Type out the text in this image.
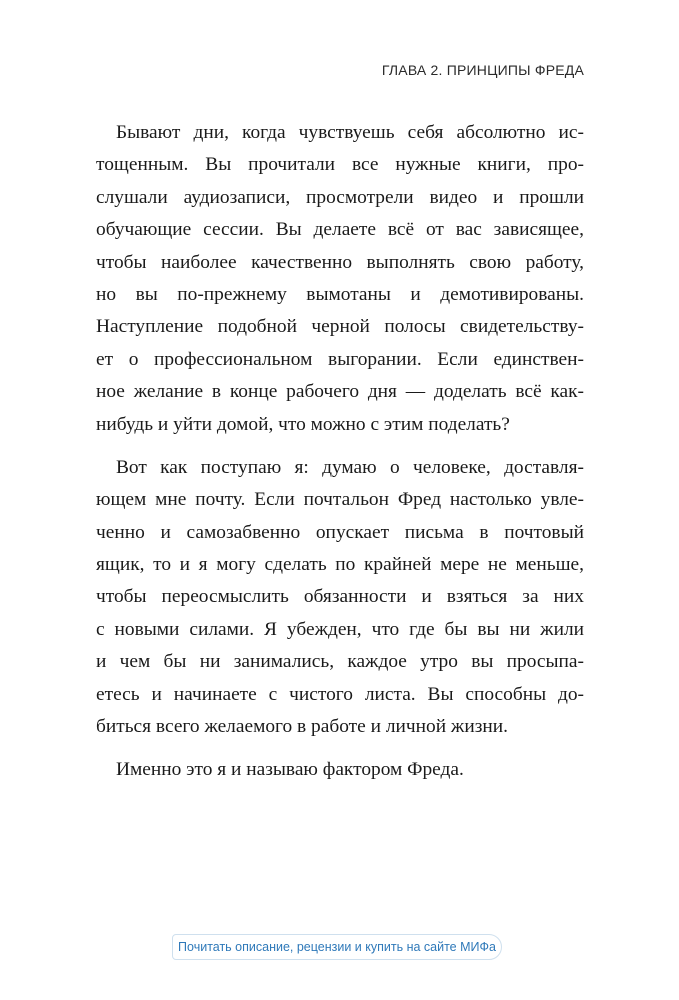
ГЛАВА 2. ПРИНЦИПЫ ФРЕДА
Бывают дни, когда чувствуешь себя абсолютно ис-
тощенным. Вы прочитали все нужные книги, про-
слушали аудиозаписи, просмотрели видео и прошли
обучающие сессии. Вы делаете всё от вас зависящее,
чтобы наиболее качественно выполнять свою работу,
но вы по-прежнему вымотаны и демотивированы.
Наступление подобной черной полосы свидетельству-
ет о профессиональном выгорании. Если единствен-
ное желание в конце рабочего дня — доделать всё как-
нибудь и уйти домой, что можно с этим поделать?
Вот как поступаю я: думаю о человеке, доставля-
ющем мне почту. Если почтальон Фред настолько увле-
ченно и самозабвенно опускает письма в почтовый
ящик, то и я могу сделать по крайней мере не меньше,
чтобы переосмыслить обязанности и взяться за них
с новыми силами. Я убежден, что где бы вы ни жили
и чем бы ни занимались, каждое утро вы просыпа-
етесь и начинаете с чистого листа. Вы способны до-
биться всего желаемого в работе и личной жизни.
Именно это я и называю фактором Фреда.
Почитать описание, рецензии и купить на сайте МИФа
